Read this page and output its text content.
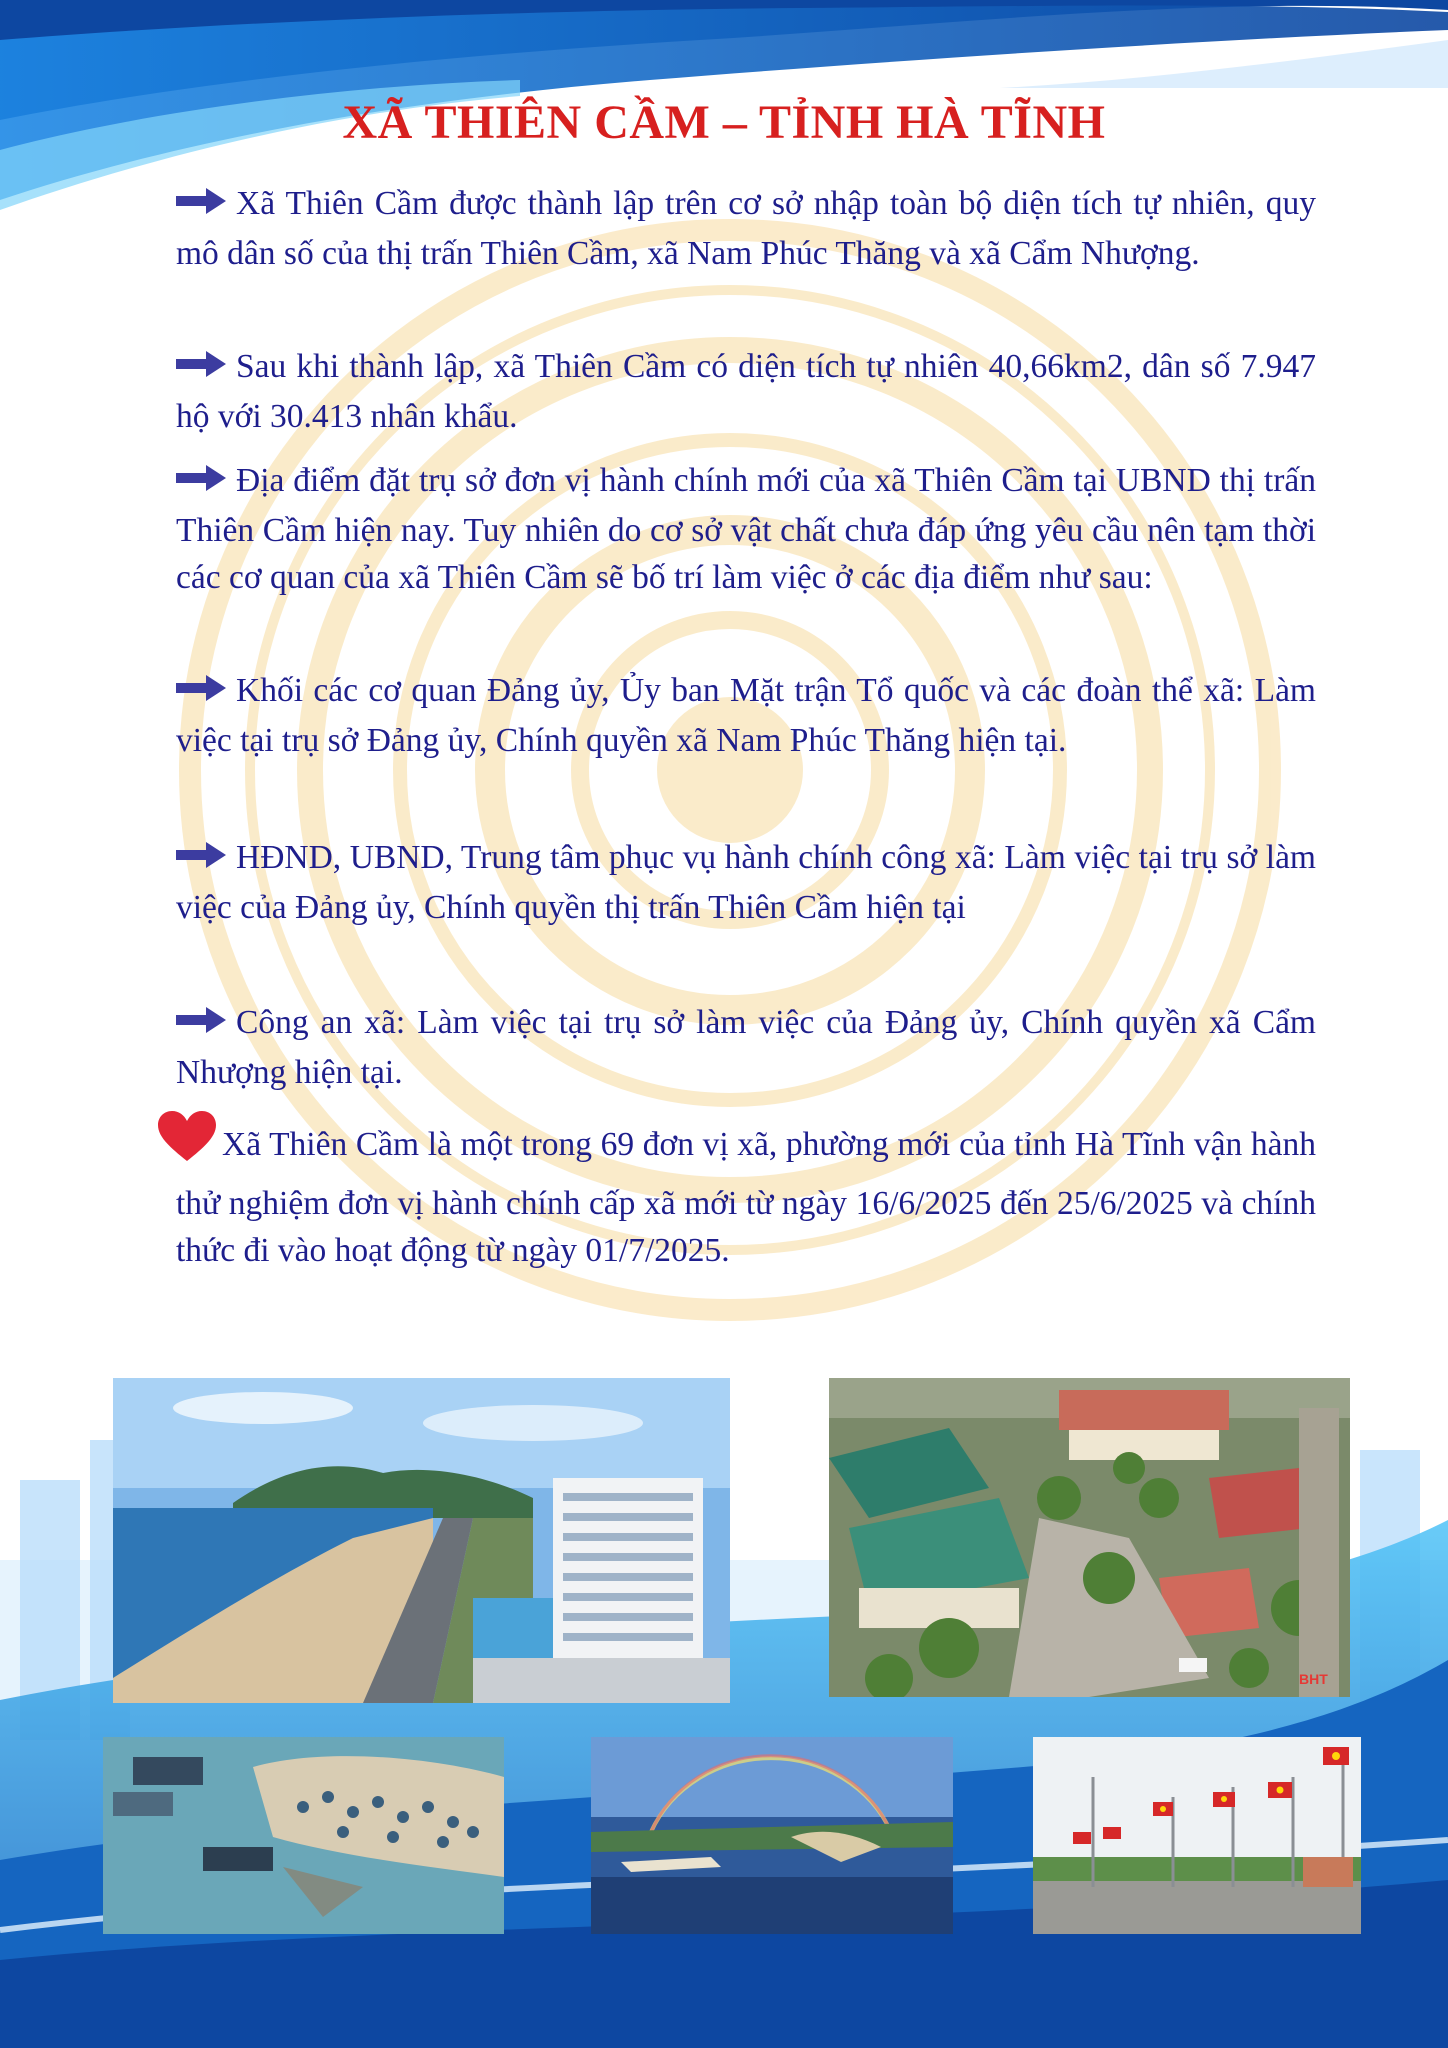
XÃ THIÊN CẦM – TỈNH HÀ TĨNH

Xã Thiên Cầm được thành lập trên cơ sở nhập toàn bộ diện tích tự nhiên, quy mô dân số của thị trấn Thiên Cầm, xã Nam Phúc Thăng và xã Cẩm Nhượng.

Sau khi thành lập, xã Thiên Cầm có diện tích tự nhiên 40,66km2, dân số 7.947 hộ với 30.413 nhân khẩu.

Địa điểm đặt trụ sở đơn vị hành chính mới của xã Thiên Cầm tại UBND thị trấn Thiên Cầm hiện nay. Tuy nhiên do cơ sở vật chất chưa đáp ứng yêu cầu nên tạm thời các cơ quan của xã Thiên Cầm sẽ bố trí làm việc ở các địa điểm như sau:

Khối các cơ quan Đảng ủy, Ủy ban Mặt trận Tổ quốc và các đoàn thể xã: Làm việc tại trụ sở Đảng ủy, Chính quyền xã Nam Phúc Thăng hiện tại.

HĐND, UBND, Trung tâm phục vụ hành chính công xã: Làm việc tại trụ sở làm việc của Đảng ủy, Chính quyền thị trấn Thiên Cầm hiện tại

Công an xã: Làm việc tại trụ sở làm việc của Đảng ủy, Chính quyền xã Cẩm Nhượng hiện tại.

Xã Thiên Cầm là một trong 69 đơn vị xã, phường mới của tỉnh Hà Tĩnh vận hành thử nghiệm đơn vị hành chính cấp xã mới từ ngày 16/6/2025 đến 25/6/2025 và chính thức đi vào hoạt động từ ngày 01/7/2025.

BHT
